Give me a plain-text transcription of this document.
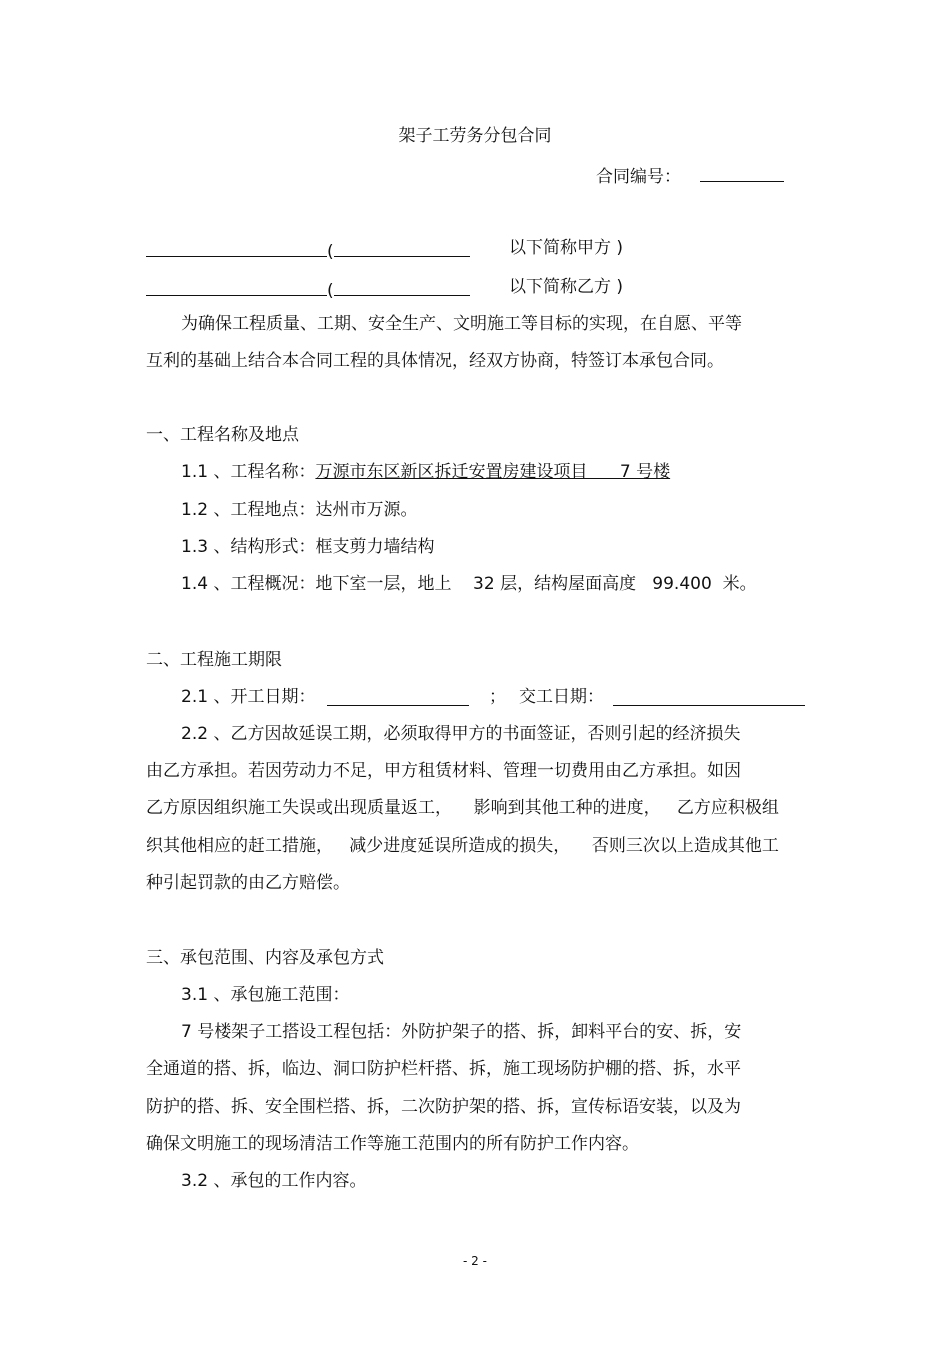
架子工劳务分包合同
合同编号：
(	以下简称甲方 )
(	以下简称乙方 )
为确保工程质量、工期、安全生产、文明施工等目标的实现，在自愿、平等
互利的基础上结合本合同工程的具体情况，经双方协商，特签订本承包合同。
一、工程名称及地点
1.1 、工程名称：万源市东区新区拆迁安置房建设项目      7 号楼
1.2 、工程地点：达州市万源。
1.3 、结构形式：框支剪力墙结构
1.4 、工程概况：地下室一层，地上    32 层，结构屋面高度   99.400  米。
二、工程施工期限
2.1 、开工日期：	； 交工日期：
2.2 、乙方因故延误工期，必须取得甲方的书面签证，否则引起的经济损失
由乙方承担。若因劳动力不足，甲方租赁材料、管理一切费用由乙方承担。如因
乙方原因组织施工失误或出现质量返工，    影响到其他工种的进度，   乙方应积极组
织其他相应的赶工措施，   减少进度延误所造成的损失，    否则三次以上造成其他工
种引起罚款的由乙方赔偿。
三、承包范围、内容及承包方式
3.1 、承包施工范围：
7 号楼架子工搭设工程包括：外防护架子的搭、拆，卸料平台的安、拆，安
全通道的搭、拆，临边、洞口防护栏杆搭、拆，施工现场防护棚的搭、拆，水平
防护的搭、拆、安全围栏搭、拆，二次防护架的搭、拆，宣传标语安装，以及为
确保文明施工的现场清洁工作等施工范围内的所有防护工作内容。
3.2 、承包的工作内容。
- 2 -
